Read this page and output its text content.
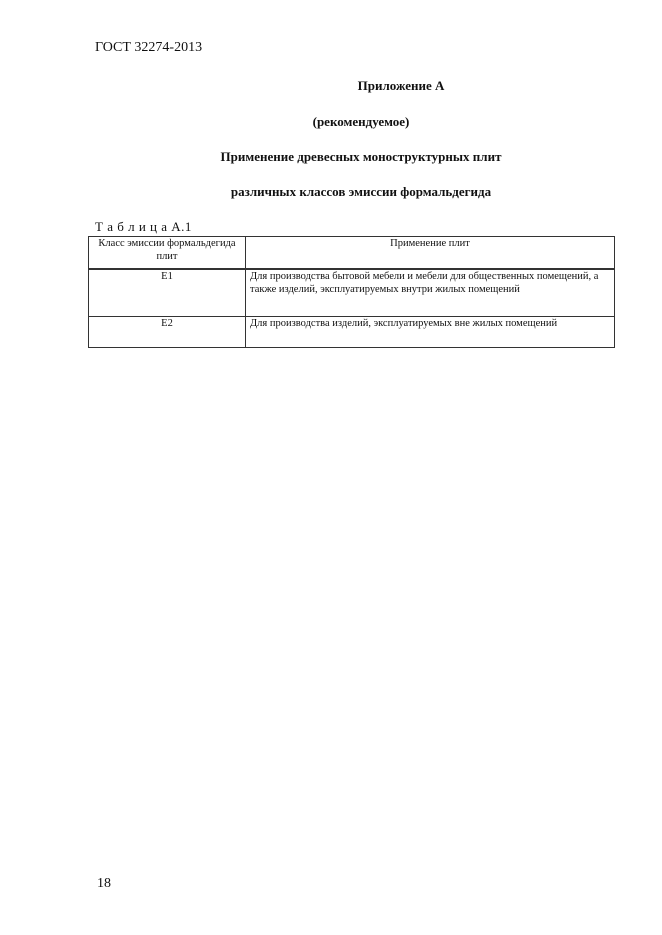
ГОСТ 32274-2013
Приложение А
(рекомендуемое)
Применение древесных моноструктурных плит
различных классов эмиссии формальдегида
Т а б л и ц а А.1
Класс эмиссии формальдегида плит	Применение плит
E1	Для производства бытовой мебели и мебели для общественных помещений, а также изделий, эксплуатируемых внутри жилых помещений
E2	Для производства изделий, эксплуатируемых вне жилых помещений
18
